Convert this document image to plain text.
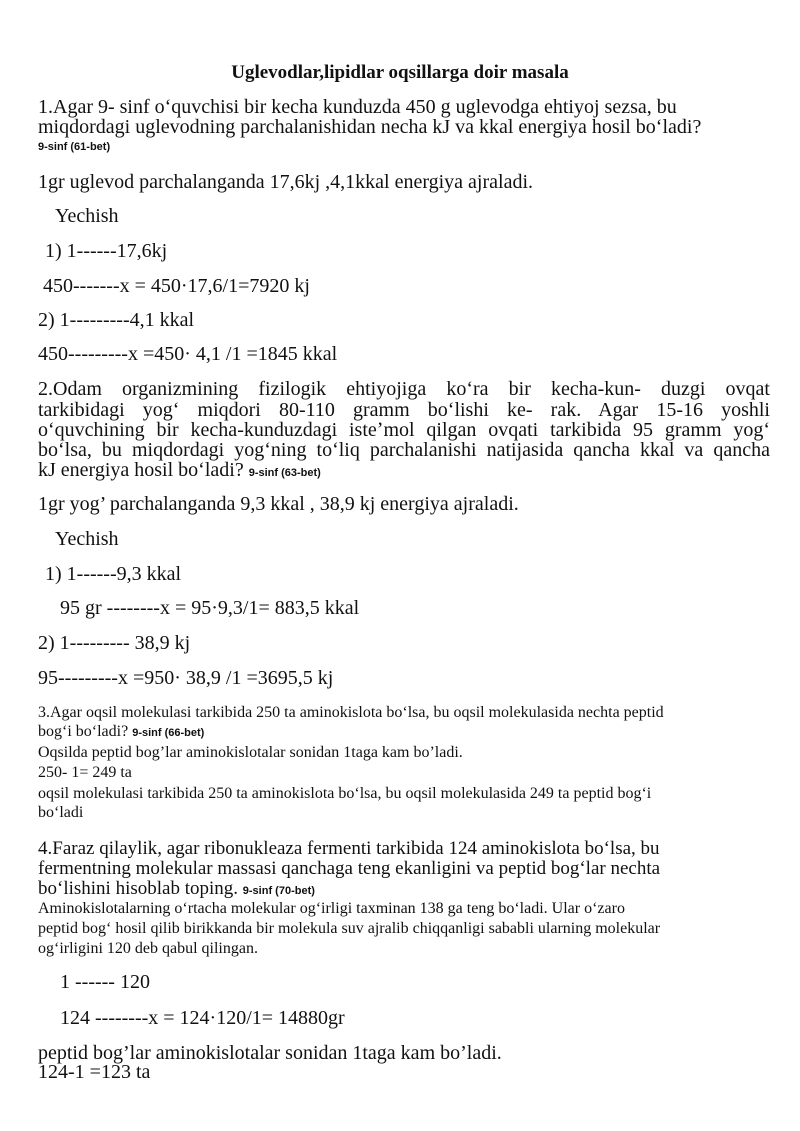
Uglevodlar,lipidlar oqsillarga doir masala

1.Agar 9- sinf oʻquvchisi bir kecha kunduzda 450 g uglevodga ehtiyoj sezsa, bu

miqdordagi uglevodning parchalanishidan necha kJ va kkal energiya hosil boʻladi?

9-sinf (61-bet)

1gr uglevod parchalanganda 17,6kj ,4,1kkal energiya ajraladi.

Yechish

1) 1------17,6kj

450-------x = 450·17,6/1=7920 kj

2) 1---------4,1 kkal

450---------x =450· 4,1 /1 =1845 kkal

2.Odam organizmining fizilogik ehtiyojiga koʻra bir kecha-kun- duzgi ovqat

tarkibidagi yogʻ miqdori 80-110 gramm boʻlishi ke- rak. Agar 15-16 yoshli

oʻquvchining bir kecha-kunduzdagi isteʼmol qilgan ovqati tarkibida 95 gramm yogʻ

boʻlsa, bu miqdordagi yogʻning toʻliq parchalanishi natijasida qancha kkal va qancha

kJ energiya hosil boʻladi? 9-sinf (63-bet)

1gr yog’ parchalanganda 9,3 kkal , 38,9 kj energiya ajraladi.

Yechish

1) 1------9,3 kkal

95 gr --------x = 95·9,3/1= 883,5 kkal

2) 1--------- 38,9 kj

95---------x =950· 38,9 /1 =3695,5 kj

3.Agar oqsil molekulasi tarkibida 250 ta aminokislota boʻlsa, bu oqsil molekulasida nechta peptid

bogʻi boʻladi? 9-sinf (66-bet)

Oqsilda peptid bog’lar aminokislotalar sonidan 1taga kam bo’ladi.

250- 1= 249 ta

oqsil molekulasi tarkibida 250 ta aminokislota boʻlsa, bu oqsil molekulasida 249 ta peptid bogʻi

boʻladi

4.Faraz qilaylik, agar ribonukleaza fermenti tarkibida 124 aminokislota boʻlsa, bu

fermentning molekular massasi qanchaga teng ekanligini va peptid bogʻlar nechta

boʻlishini hisoblab toping. 9-sinf (70-bet)

Aminokislotalarning oʻrtacha molekular ogʻirligi taxminan 138 ga teng boʻladi. Ular oʻzaro

peptid bogʻ hosil qilib birikkanda bir molekula suv ajralib chiqqanligi sababli ularning molekular

ogʻirligini 120 deb qabul qilingan.

1 ------ 120

124 --------x = 124·120/1= 14880gr

peptid bog’lar aminokislotalar sonidan 1taga kam bo’ladi.

124-1 =123 ta
